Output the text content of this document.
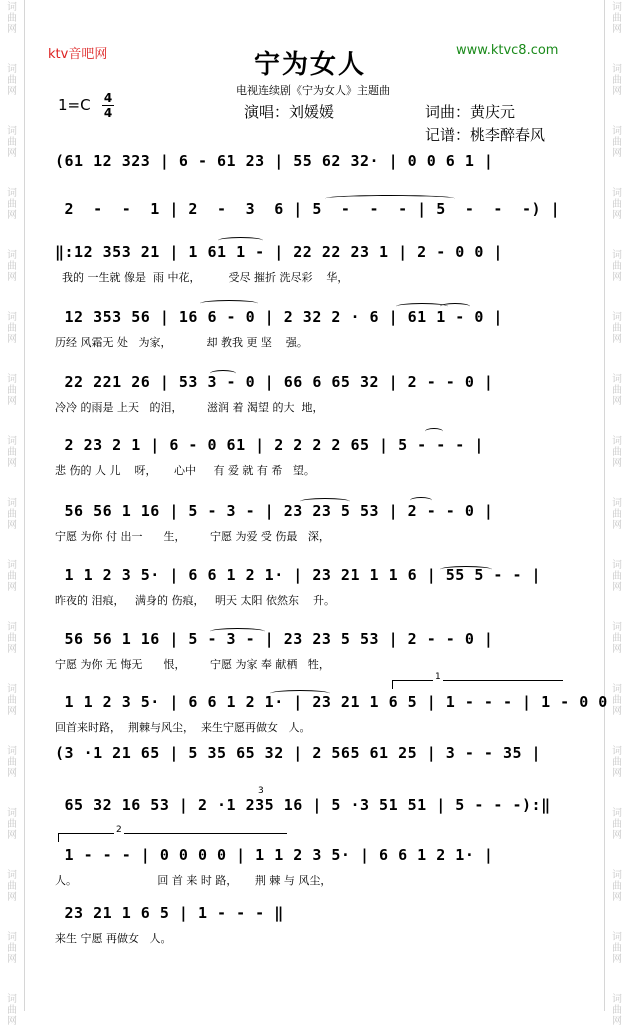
词
曲
网
词
曲
网
词
曲
网
词
曲
网
词
曲
网
词
曲
网
词
曲
网
词
曲
网
词
曲
网
词
曲
网
词
曲
网
词
曲
网
词
曲
网
词
曲
网
词
曲
网
词
曲
网
词
曲
网
词
曲
网
词
曲
网
词
曲
网
词
曲
网
词
曲
网
词
曲
网
词
曲
网
词
曲
网
词
曲
网
词
曲
网
词
曲
网
词
曲
网
词
曲
网
词
曲
网
词
曲
网
词
曲
网
词
曲
网
ktv音吧网	www.ktvc8.com
宁为女人
电视连续剧《宁为女人》主题曲
1=C 4
4	演唱：刘媛媛	词曲：黄庆元
记谱：桃李醉春风
(61 12 323 | 6 - 61 23 | 55 62 32· | 0 0 6 1 |
2  -  -  1 | 2  -  3  6 | 5  -  -  - | 5  -  -  -) |
‖:12 353 21 | 1 61 1 - | 22 22 23 1 | 2 - 0 0 |
我的 一生就 像是  雨 中花，        受尽 摧折 洗尽彩    华，
12 353 56 | 16 6 - 0 | 2 32 2 · 6 | 61 1 - 0 |
历经 风霜无 处   为家，          却 教我 更 坚    强。
22 221 26 | 53 3 - 0 | 66 6 65 32 | 2 - - 0 |
冷冷 的雨是 上天   的泪，       滋润 着 渴望 的大  地，
2 23 2 1 | 6 - 0 61 | 2 2 2 2 65 | 5 - - - |
悲 伤的 人 儿    呀，     心中     有 爱 就 有 希   望。
56 56 1 16 | 5 - 3 - | 23 23 5 53 | 2 - - 0 |
宁愿 为你 付 出一      生，       宁愿 为爱 受 伤最   深，
1 1 2 3 5· | 6 6 1 2 1· | 23 21 1 1 6 | 55 5 - - |
昨夜的 泪痕，   满身的 伤痕，   明天 太阳 依然东    升。
56 56 1 16 | 5 - 3 - | 23 23 5 53 | 2 - - 0 |
宁愿 为你 无 悔无      恨，       宁愿 为家 奉 献栖   牲，
1 1 2 3 5· | 6 6 1 2 1· | 23 21 1 6 5 | 1 - - - | 1 - 0 0
回首来时路，  荆棘与风尘，  来生宁愿再做女   人。
(3 ·1 21 65 | 5 35 65 32 | 2 565 61 25 | 3 - - 35 |
65 32 16 53 | 2 ·1 235 16 | 5 ·3 51 51 | 5 - - -):‖
1 - - - | 0 0 0 0 | 1 1 2 3 5· | 6 6 1 2 1· |
人。                       回 首 来 时 路，     荆 棘 与 风尘，
23 21 1 6 5 | 1 - - - ‖
来生 宁愿 再做女   人。
1
2
3
